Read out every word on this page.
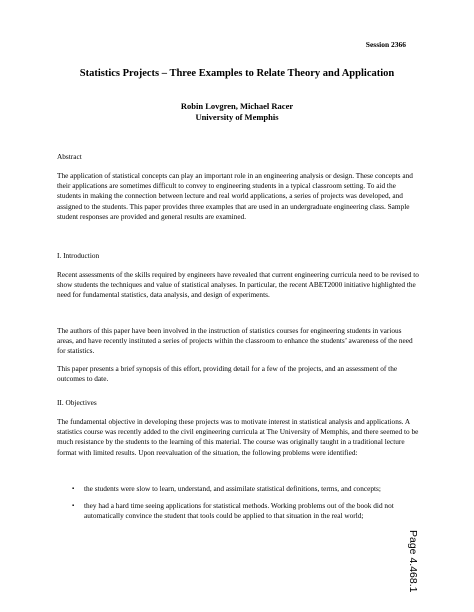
Session 2366
Statistics Projects – Three Examples to Relate Theory and Application
Robin Lovgren, Michael Racer
University of Memphis
Abstract
The application of statistical concepts can play an important role in an engineering analysis or design. These concepts and their applications are sometimes difficult to convey to engineering students in a typical classroom setting. To aid the students in making the connection between lecture and real world applications, a series of projects was developed, and assigned to the students. This paper provides three examples that are used in an undergraduate engineering class. Sample student responses are provided and general results are examined.
I. Introduction
Recent assessments of the skills required by engineers have revealed that current engineering curricula need to be revised to show students the techniques and value of statistical analyses. In particular, the recent ABET2000 initiative highlighted the need for fundamental statistics, data analysis, and design of experiments.
The authors of this paper have been involved in the instruction of statistics courses for engineering students in various areas, and have recently instituted a series of projects within the classroom to enhance the students’ awareness of the need for statistics.
This paper presents a brief synopsis of this effort, providing detail for a few of the projects, and an assessment of the outcomes to date.
II. Objectives
The fundamental objective in developing these projects was to motivate interest in statistical analysis and applications. A statistics course was recently added to the civil engineering curricula at The University of Memphis, and there seemed to be much resistance by the students to the learning of this material. The course was originally taught in a traditional lecture format with limited results. Upon reevaluation of the situation, the following problems were identified:
▪ the students were slow to learn, understand, and assimilate statistical definitions, terms, and concepts;
▪ they had a hard time seeing applications for statistical methods. Working problems out of the book did not automatically convince the student that tools could be applied to that situation in the real world;
Page 4.468.1
